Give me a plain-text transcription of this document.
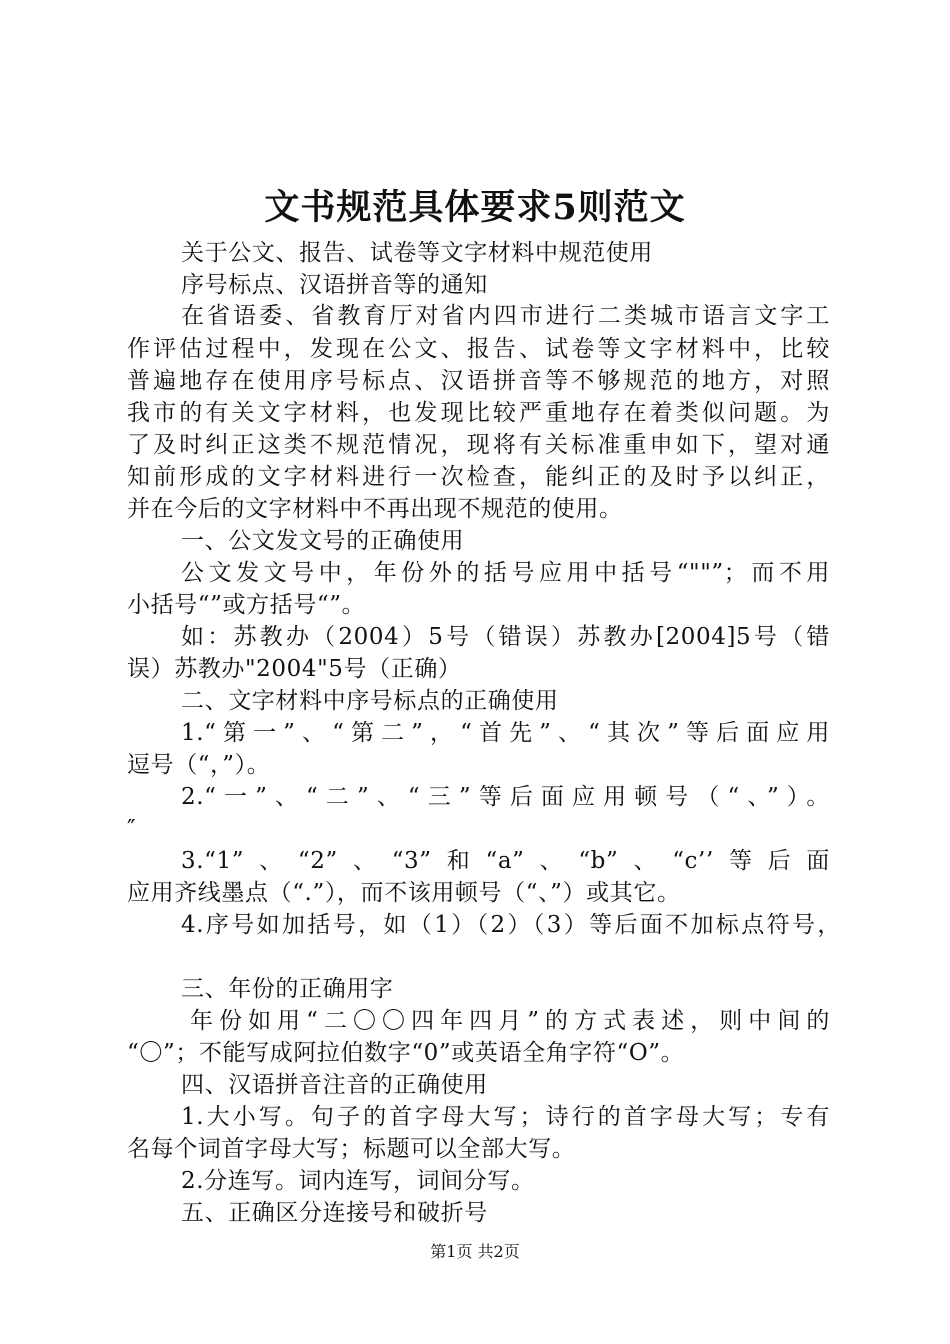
文书规范具体要求5则范文
关于公文、报告、试卷等文字材料中规范使用
序号标点、汉语拼音等的通知
在省语委、省教育厅对省内四市进行二类城市语言文字工
作评估过程中，发现在公文、报告、试卷等文字材料中，比较
普遍地存在使用序号标点、汉语拼音等不够规范的地方，对照
我市的有关文字材料，也发现比较严重地存在着类似问题。为
了及时纠正这类不规范情况，现将有关标准重申如下，望对通
知前形成的文字材料进行一次检查，能纠正的及时予以纠正，
并在今后的文字材料中不再出现不规范的使用。
一、公文发文号的正确使用
公文发文号中，年份外的括号应用中括号“""”；而不用
小括号“”或方括号“”。
如：苏教办（2004）5号（错误）苏教办[2004]5号（错
误）苏教办"2004"5号（正确）
二、文字材料中序号标点的正确使用
1.“第一”、“第二”，“首先”、“其次”等后面应用
逗号（“，”）。
2.“一”、“二”、“三”等后面应用顿号（“、”）。
″
3.“1”、“2”、“3”和“a”、“b”、“c’’等后面
应用齐线墨点（“.”），而不该用顿号（“、”）或其它。
4.序号如加括号，如（1）（2）（3）等后面不加标点符号，
三、年份的正确用字
年份如用“二〇〇四年四月”的方式表述，则中间的
“〇”；不能写成阿拉伯数字“0”或英语全角字符“O”。
四、汉语拼音注音的正确使用
1.大小写。句子的首字母大写；诗行的首字母大写；专有
名每个词首字母大写；标题可以全部大写。
2.分连写。词内连写，词间分写。
五、正确区分连接号和破折号
第1页 共2页
